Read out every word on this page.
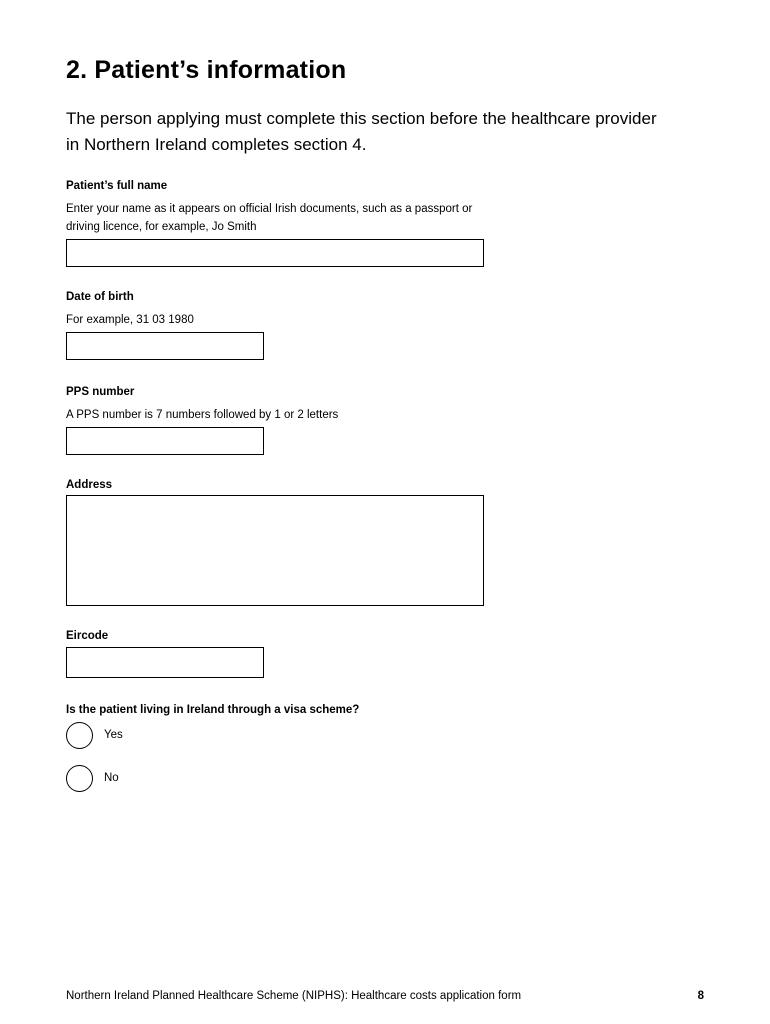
2. Patient’s information

The person applying must complete this section before the healthcare provider in Northern Ireland completes section 4.

Patient’s full name

Enter your name as it appears on official Irish documents, such as a passport or driving licence, for example, Jo Smith

Date of birth

For example, 31 03 1980

PPS number

A PPS number is 7 numbers followed by 1 or 2 letters

Address

Eircode

Is the patient living in Ireland through a visa scheme?

Yes
No
Northern Ireland Planned Healthcare Scheme (NIPHS): Healthcare costs application form	8
